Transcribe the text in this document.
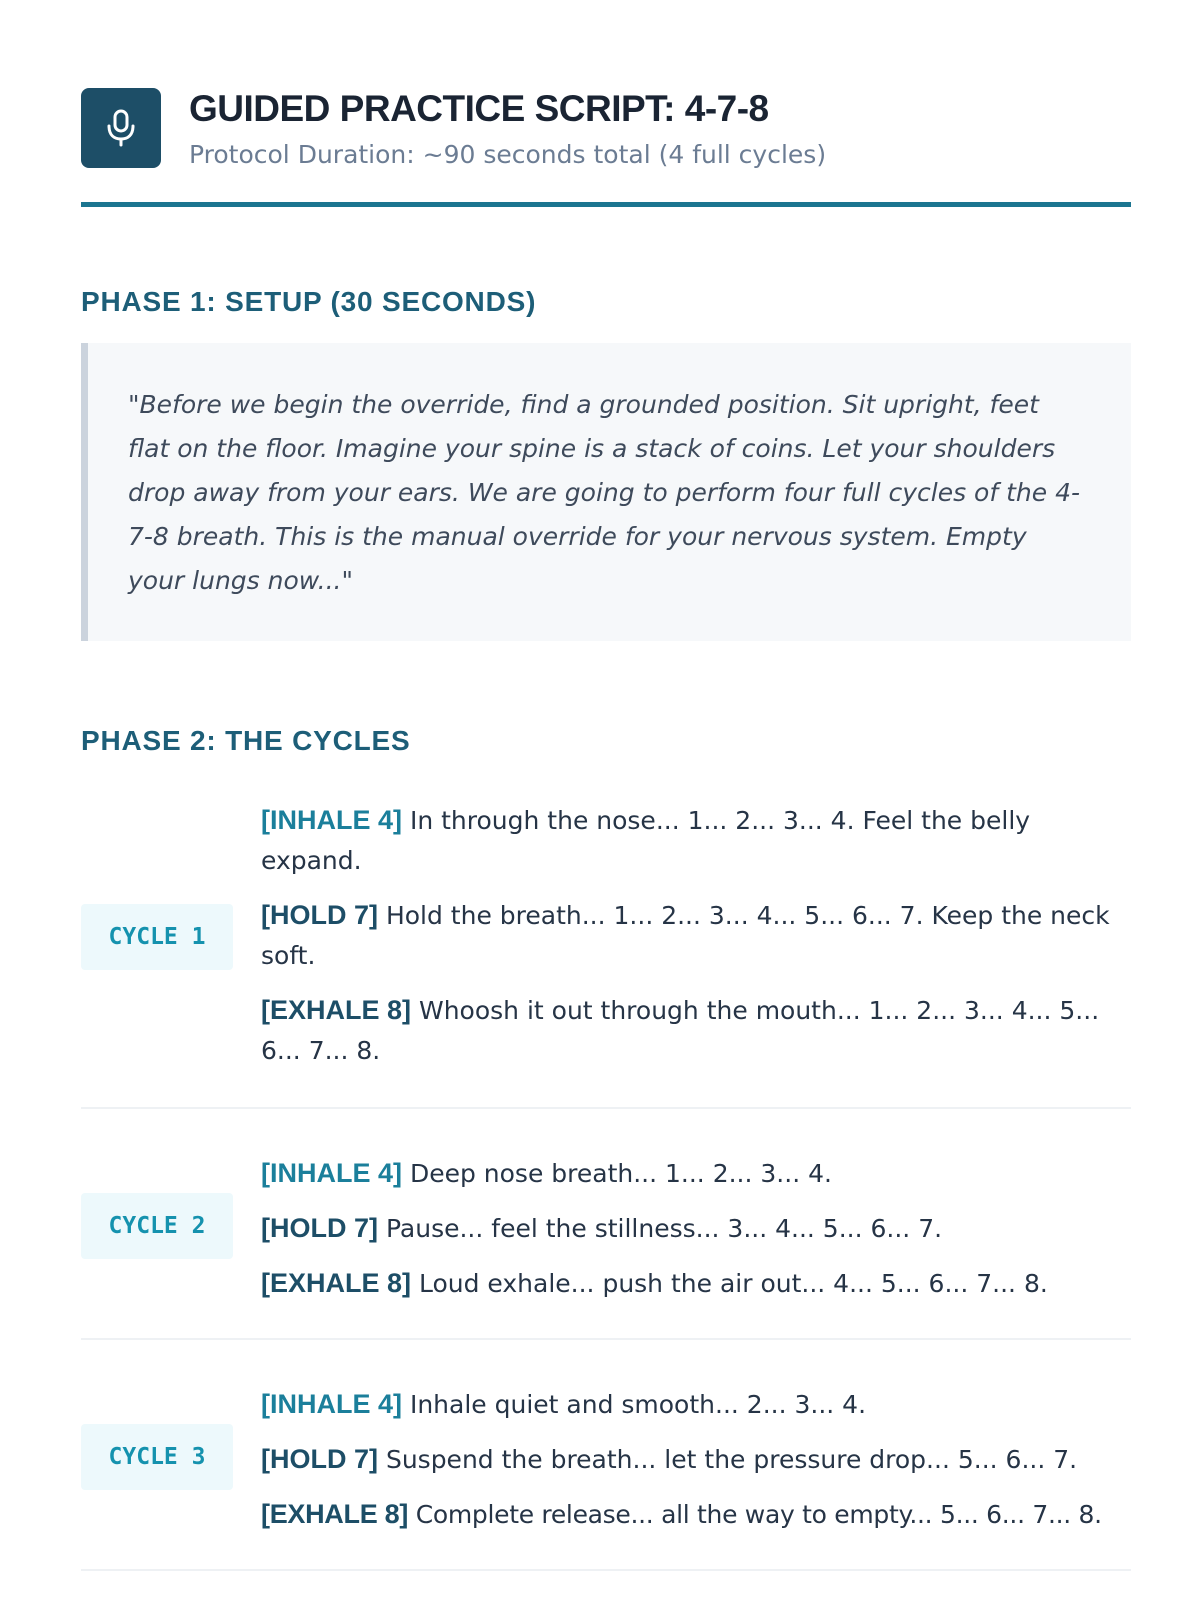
GUIDED PRACTICE SCRIPT: 4-7-8
Protocol Duration: ~90 seconds total (4 full cycles)
PHASE 1: SETUP (30 SECONDS)
"Before we begin the override, find a grounded position. Sit upright, feet flat on the floor. Imagine your spine is a stack of coins. Let your shoulders drop away from your ears. We are going to perform four full cycles of the 4-7-8 breath. This is the manual override for your nervous system. Empty your lungs now..."
PHASE 2: THE CYCLES
CYCLE 1
[INHALE 4] In through the nose... 1... 2... 3... 4. Feel the belly expand.
[HOLD 7] Hold the breath... 1... 2... 3... 4... 5... 6... 7. Keep the neck soft.
[EXHALE 8] Whoosh it out through the mouth... 1... 2... 3... 4... 5... 6... 7... 8.
CYCLE 2
[INHALE 4] Deep nose breath... 1... 2... 3... 4.
[HOLD 7] Pause... feel the stillness... 3... 4... 5... 6... 7.
[EXHALE 8] Loud exhale... push the air out... 4... 5... 6... 7... 8.
CYCLE 3
[INHALE 4] Inhale quiet and smooth... 2... 3... 4.
[HOLD 7] Suspend the breath... let the pressure drop... 5... 6... 7.
[EXHALE 8] Complete release... all the way to empty... 5... 6... 7... 8.
